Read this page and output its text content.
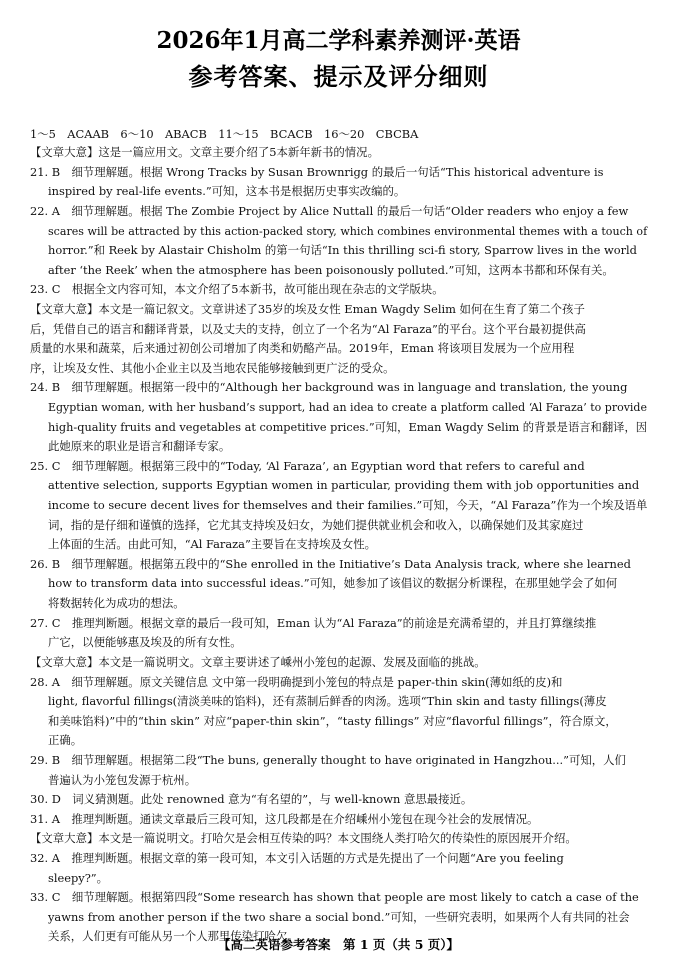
2026年1月高二学科素养测评·英语
参考答案、提示及评分细则
1～5　ACAAB　6～10　ABACB　11～15　BCACB　16～20　CBCBA
【文章大意】这是一篇应用文。文章主要介绍了5本新年新书的情况。
21. B　细节理解题。根据 Wrong Tracks by Susan Brownrigg 的最后一句话“This historical adventure is
inspired by real-life events.”可知，这本书是根据历史事实改编的。
22. A　细节理解题。根据 The Zombie Project by Alice Nuttall 的最后一句话“Older readers who enjoy a few
scares will be attracted by this action-packed story, which combines environmental themes with a touch of
horror.”和 Reek by Alastair Chisholm 的第一句话“In this thrilling sci-fi story, Sparrow lives in the world
after ‘the Reek’ when the atmosphere has been poisonously polluted.”可知，这两本书都和环保有关。
23. C　根据全文内容可知，本文介绍了5本新书，故可能出现在杂志的文学版块。
【文章大意】本文是一篇记叙文。文章讲述了35岁的埃及女性 Eman Wagdy Selim 如何在生育了第二个孩子
后，凭借自己的语言和翻译背景，以及丈夫的支持，创立了一个名为“Al Faraza”的平台。这个平台最初提供高
质量的水果和蔬菜，后来通过初创公司增加了肉类和奶酪产品。2019年，Eman 将该项目发展为一个应用程
序，让埃及女性、其他小企业主以及当地农民能够接触到更广泛的受众。
24. B　细节理解题。根据第一段中的“Although her background was in language and translation, the young
Egyptian woman, with her husband’s support, had an idea to create a platform called ‘Al Faraza’ to provide
high-quality fruits and vegetables at competitive prices.”可知，Eman Wagdy Selim 的背景是语言和翻译，因
此她原来的职业是语言和翻译专家。
25. C　细节理解题。根据第三段中的“Today, ‘Al Faraza’, an Egyptian word that refers to careful and
attentive selection, supports Egyptian women in particular, providing them with job opportunities and
income to secure decent lives for themselves and their families.”可知，今天，“Al Faraza”作为一个埃及语单
词，指的是仔细和谨慎的选择，它尤其支持埃及妇女，为她们提供就业机会和收入，以确保她们及其家庭过
上体面的生活。由此可知，“Al Faraza”主要旨在支持埃及女性。
26. B　细节理解题。根据第五段中的“She enrolled in the Initiative’s Data Analysis track, where she learned
how to transform data into successful ideas.”可知，她参加了该倡议的数据分析课程，在那里她学会了如何
将数据转化为成功的想法。
27. C　推理判断题。根据文章的最后一段可知，Eman 认为“Al Faraza”的前途是充满希望的，并且打算继续推
广它，以便能够惠及埃及的所有女性。
【文章大意】本文是一篇说明文。文章主要讲述了嵊州小笼包的起源、发展及面临的挑战。
28. A　细节理解题。原文关键信息 文中第一段明确提到小笼包的特点是 paper-thin skin(薄如纸的皮)和
light, flavorful fillings(清淡美味的馅料)，还有蒸制后鲜香的肉汤。选项“Thin skin and tasty fillings(薄皮
和美味馅料)”中的“thin skin” 对应“paper-thin skin”，“tasty fillings” 对应“flavorful fillings”，符合原文，
正确。
29. B　细节理解题。根据第二段“The buns, generally thought to have originated in Hangzhou...”可知，人们
普遍认为小笼包发源于杭州。
30. D　词义猜测题。此处 renowned 意为“有名望的”，与 well-known 意思最接近。
31. A　推理判断题。通读文章最后三段可知，这几段都是在介绍嵊州小笼包在现今社会的发展情况。
【文章大意】本文是一篇说明文。打哈欠是会相互传染的吗？本文围绕人类打哈欠的传染性的原因展开介绍。
32. A　推理判断题。根据文章的第一段可知，本文引入话题的方式是先提出了一个问题“Are you feeling
sleepy?”。
33. C　细节理解题。根据第四段“Some research has shown that people are most likely to catch a case of the
yawns from another person if the two share a social bond.”可知，一些研究表明，如果两个人有共同的社会
关系，人们更有可能从另一个人那里传染打哈欠。
【高二英语参考答案　第 1 页（共 5 页）】
